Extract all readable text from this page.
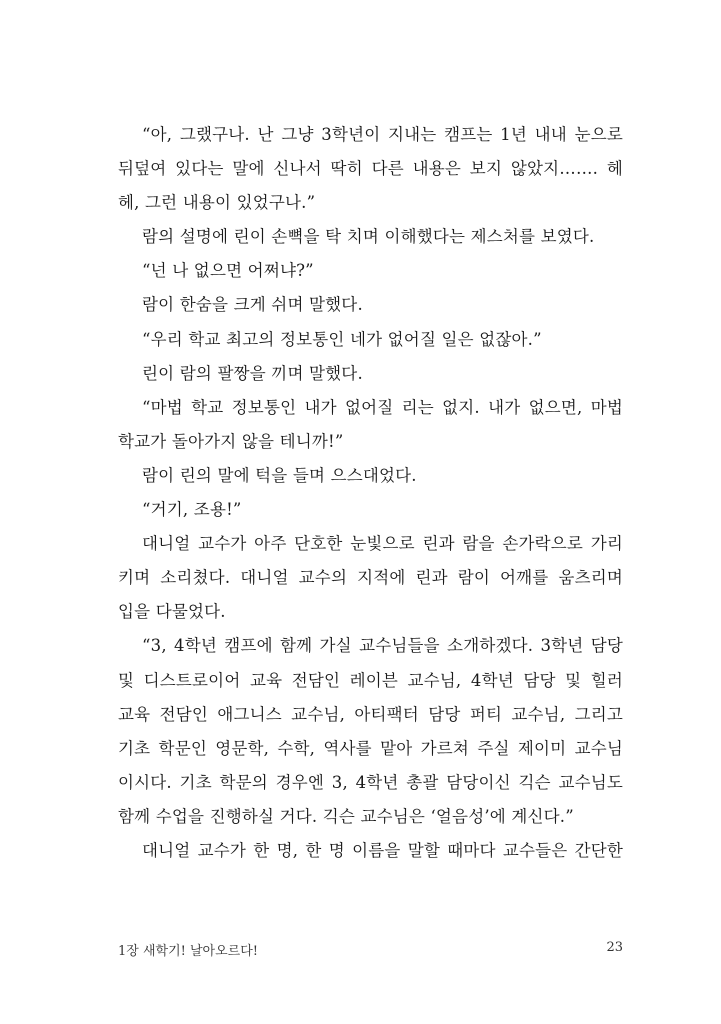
“아, 그랬구나. 난 그냥 3학년이 지내는 캠프는 1년 내내 눈으로
뒤덮여 있다는 말에 신나서 딱히 다른 내용은 보지 않았지……. 헤
헤, 그런 내용이 있었구나.”
람의 설명에 린이 손뼉을 탁 치며 이해했다는 제스처를 보였다.
“넌 나 없으면 어쩌냐?”
람이 한숨을 크게 쉬며 말했다.
“우리 학교 최고의 정보통인 네가 없어질 일은 없잖아.”
린이 람의 팔짱을 끼며 말했다.
“마법 학교 정보통인 내가 없어질 리는 없지. 내가 없으면, 마법
학교가 돌아가지 않을 테니까!”
람이 린의 말에 턱을 들며 으스대었다.
“거기, 조용!”
대니얼 교수가 아주 단호한 눈빛으로 린과 람을 손가락으로 가리
키며 소리쳤다. 대니얼 교수의 지적에 린과 람이 어깨를 움츠리며
입을 다물었다.
“3, 4학년 캠프에 함께 가실 교수님들을 소개하겠다. 3학년 담당
및 디스트로이어 교육 전담인 레이븐 교수님, 4학년 담당 및 힐러
교육 전담인 애그니스 교수님, 아티팩터 담당 퍼티 교수님, 그리고
기초 학문인 영문학, 수학, 역사를 맡아 가르쳐 주실 제이미 교수님
이시다. 기초 학문의 경우엔 3, 4학년 총괄 담당이신 긱슨 교수님도
함께 수업을 진행하실 거다. 긱슨 교수님은 ‘얼음성’에 계신다.”
대니얼 교수가 한 명, 한 명 이름을 말할 때마다 교수들은 간단한
1장 새학기! 날아오르다!	23
